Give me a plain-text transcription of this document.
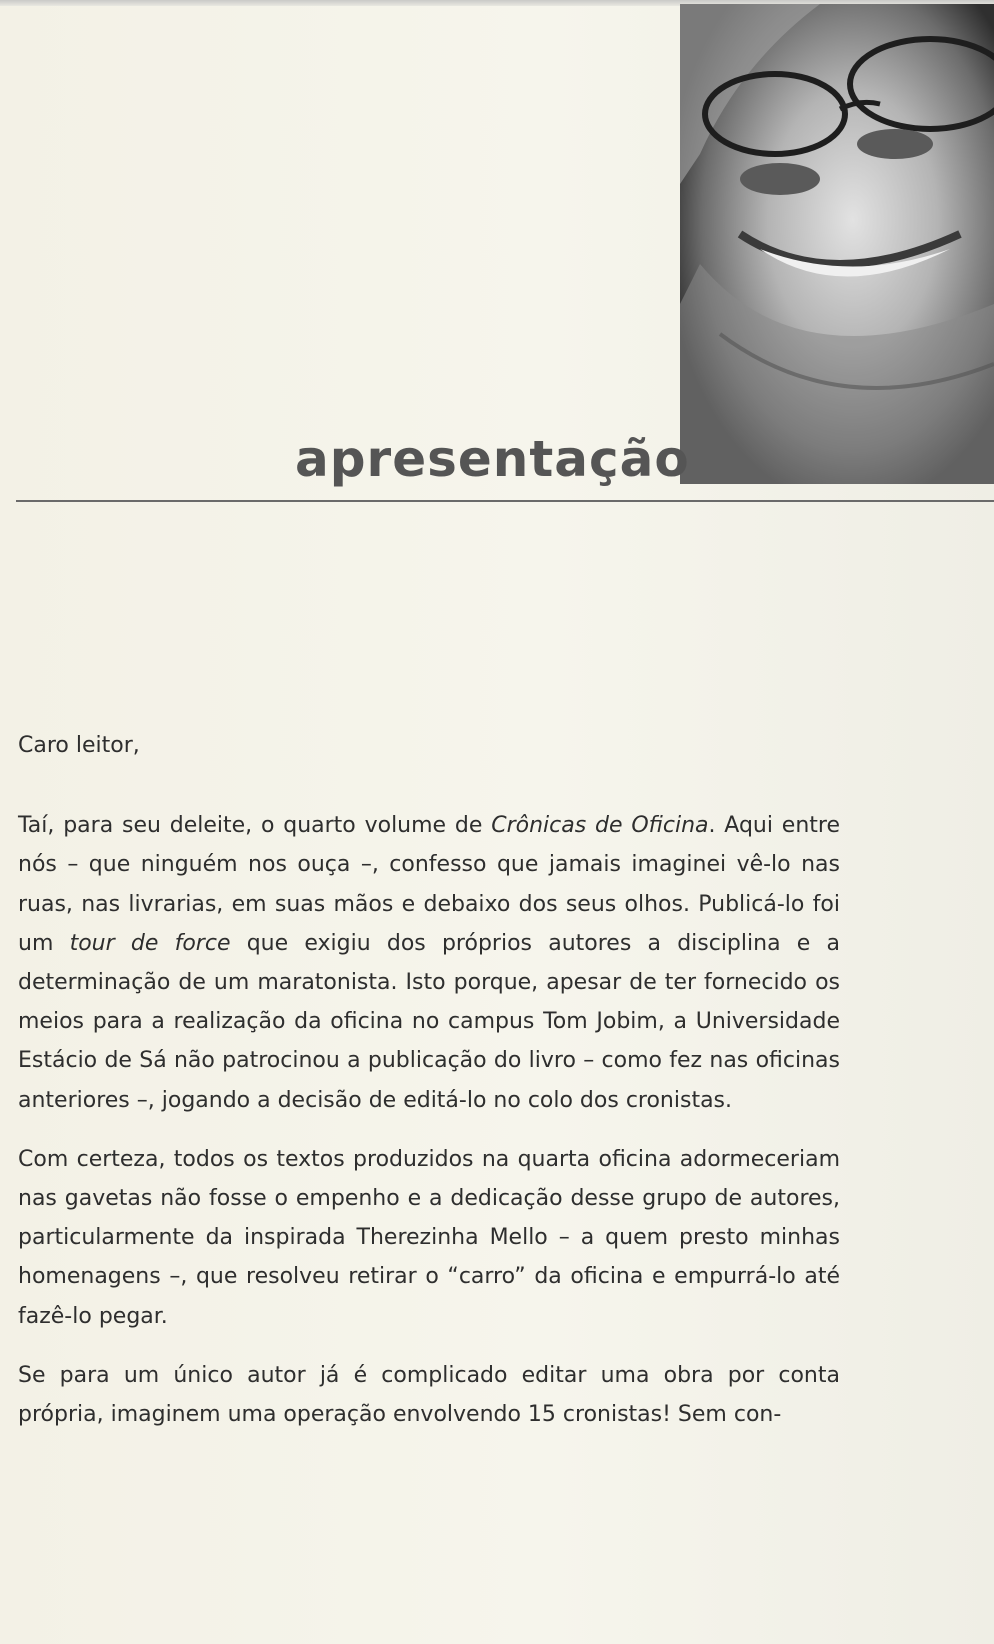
apresentação

Caro leitor,

Taí, para seu deleite, o quarto volume de Crônicas de Oficina. Aqui entre nós – que ninguém nos ouça –, confesso que jamais imaginei vê-lo nas ruas, nas livrarias, em suas mãos e debaixo dos seus olhos. Publicá-lo foi um tour de force que exigiu dos próprios autores a disciplina e a determinação de um maratonista. Isto porque, apesar de ter fornecido os meios para a realização da oficina no campus Tom Jobim, a Universidade Estácio de Sá não patrocinou a publicação do livro – como fez nas oficinas anteriores –, jogando a decisão de editá-lo no colo dos cronistas.

Com certeza, todos os textos produzidos na quarta oficina adormeceriam nas gavetas não fosse o empenho e a dedicação desse grupo de autores, particularmente da inspirada Therezinha Mello – a quem presto minhas homenagens –, que resolveu retirar o “carro” da oficina e empurrá-lo até fazê-lo pegar.

Se para um único autor já é complicado editar uma obra por conta própria, imaginem uma operação envolvendo 15 cronistas! Sem con-
